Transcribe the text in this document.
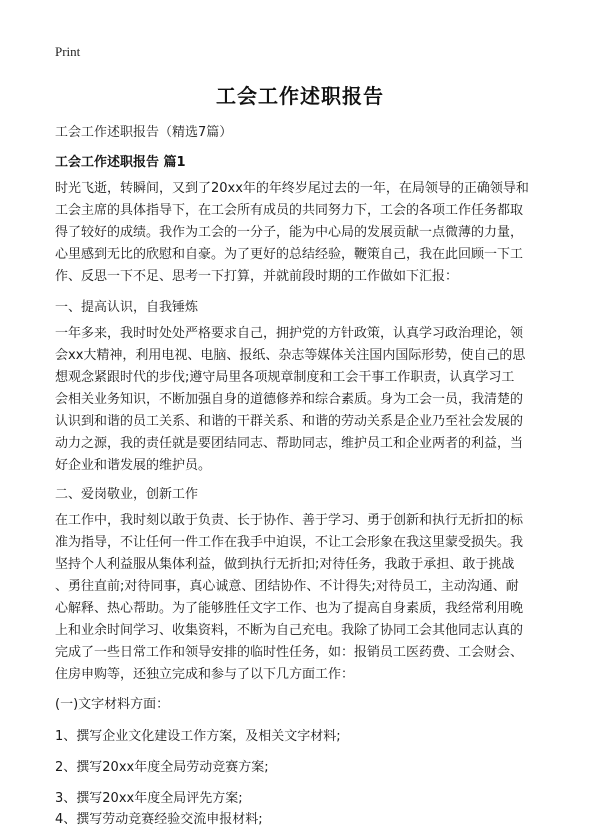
Print
工会工作述职报告
工会工作述职报告（精选7篇）
工会工作述职报告 篇1
时光飞逝，转瞬间，又到了20xx年的年终岁尾过去的一年，在局领导的正确领导和
工会主席的具体指导下，在工会所有成员的共同努力下，工会的各项工作任务都取
得了较好的成绩。我作为工会的一分子，能为中心局的发展贡献一点微薄的力量，
心里感到无比的欣慰和自豪。为了更好的总结经验，鞭策自己，我在此回顾一下工
作、反思一下不足、思考一下打算，并就前段时期的工作做如下汇报：
一、提高认识，自我锤炼
一年多来，我时时处处严格要求自己，拥护党的方针政策，认真学习政治理论，领
会xx大精神，利用电视、电脑、报纸、杂志等媒体关注国内国际形势，使自己的思
想观念紧跟时代的步伐;遵守局里各项规章制度和工会干事工作职责，认真学习工
会相关业务知识，不断加强自身的道德修养和综合素质。身为工会一员，我清楚的
认识到和谐的员工关系、和谐的干群关系、和谐的劳动关系是企业乃至社会发展的
动力之源，我的责任就是要团结同志、帮助同志，维护员工和企业两者的利益，当
好企业和谐发展的维护员。
二、爱岗敬业，创新工作
在工作中，我时刻以敢于负责、长于协作、善于学习、勇于创新和执行无折扣的标
准为指导，不让任何一件工作在我手中迫误，不让工会形象在我这里蒙受损失。我
坚持个人利益服从集体利益，做到执行无折扣;对待任务，我敢于承担、敢于挑战
、勇往直前;对待同事，真心诚意、团结协作、不计得失;对待员工，主动沟通、耐
心解释、热心帮助。为了能够胜任文字工作、也为了提高自身素质，我经常利用晚
上和业余时间学习、收集资料，不断为自己充电。我除了协同工会其他同志认真的
完成了一些日常工作和领导安排的临时性任务，如：报销员工医药费、工会财会、
住房申购等，还独立完成和参与了以下几方面工作：
(一)文字材料方面：
1、撰写企业文化建设工作方案，及相关文字材料;
2、撰写20xx年度全局劳动竞赛方案;
3、撰写20xx年度全局评先方案;
4、撰写劳动竞赛经验交流申报材料;
